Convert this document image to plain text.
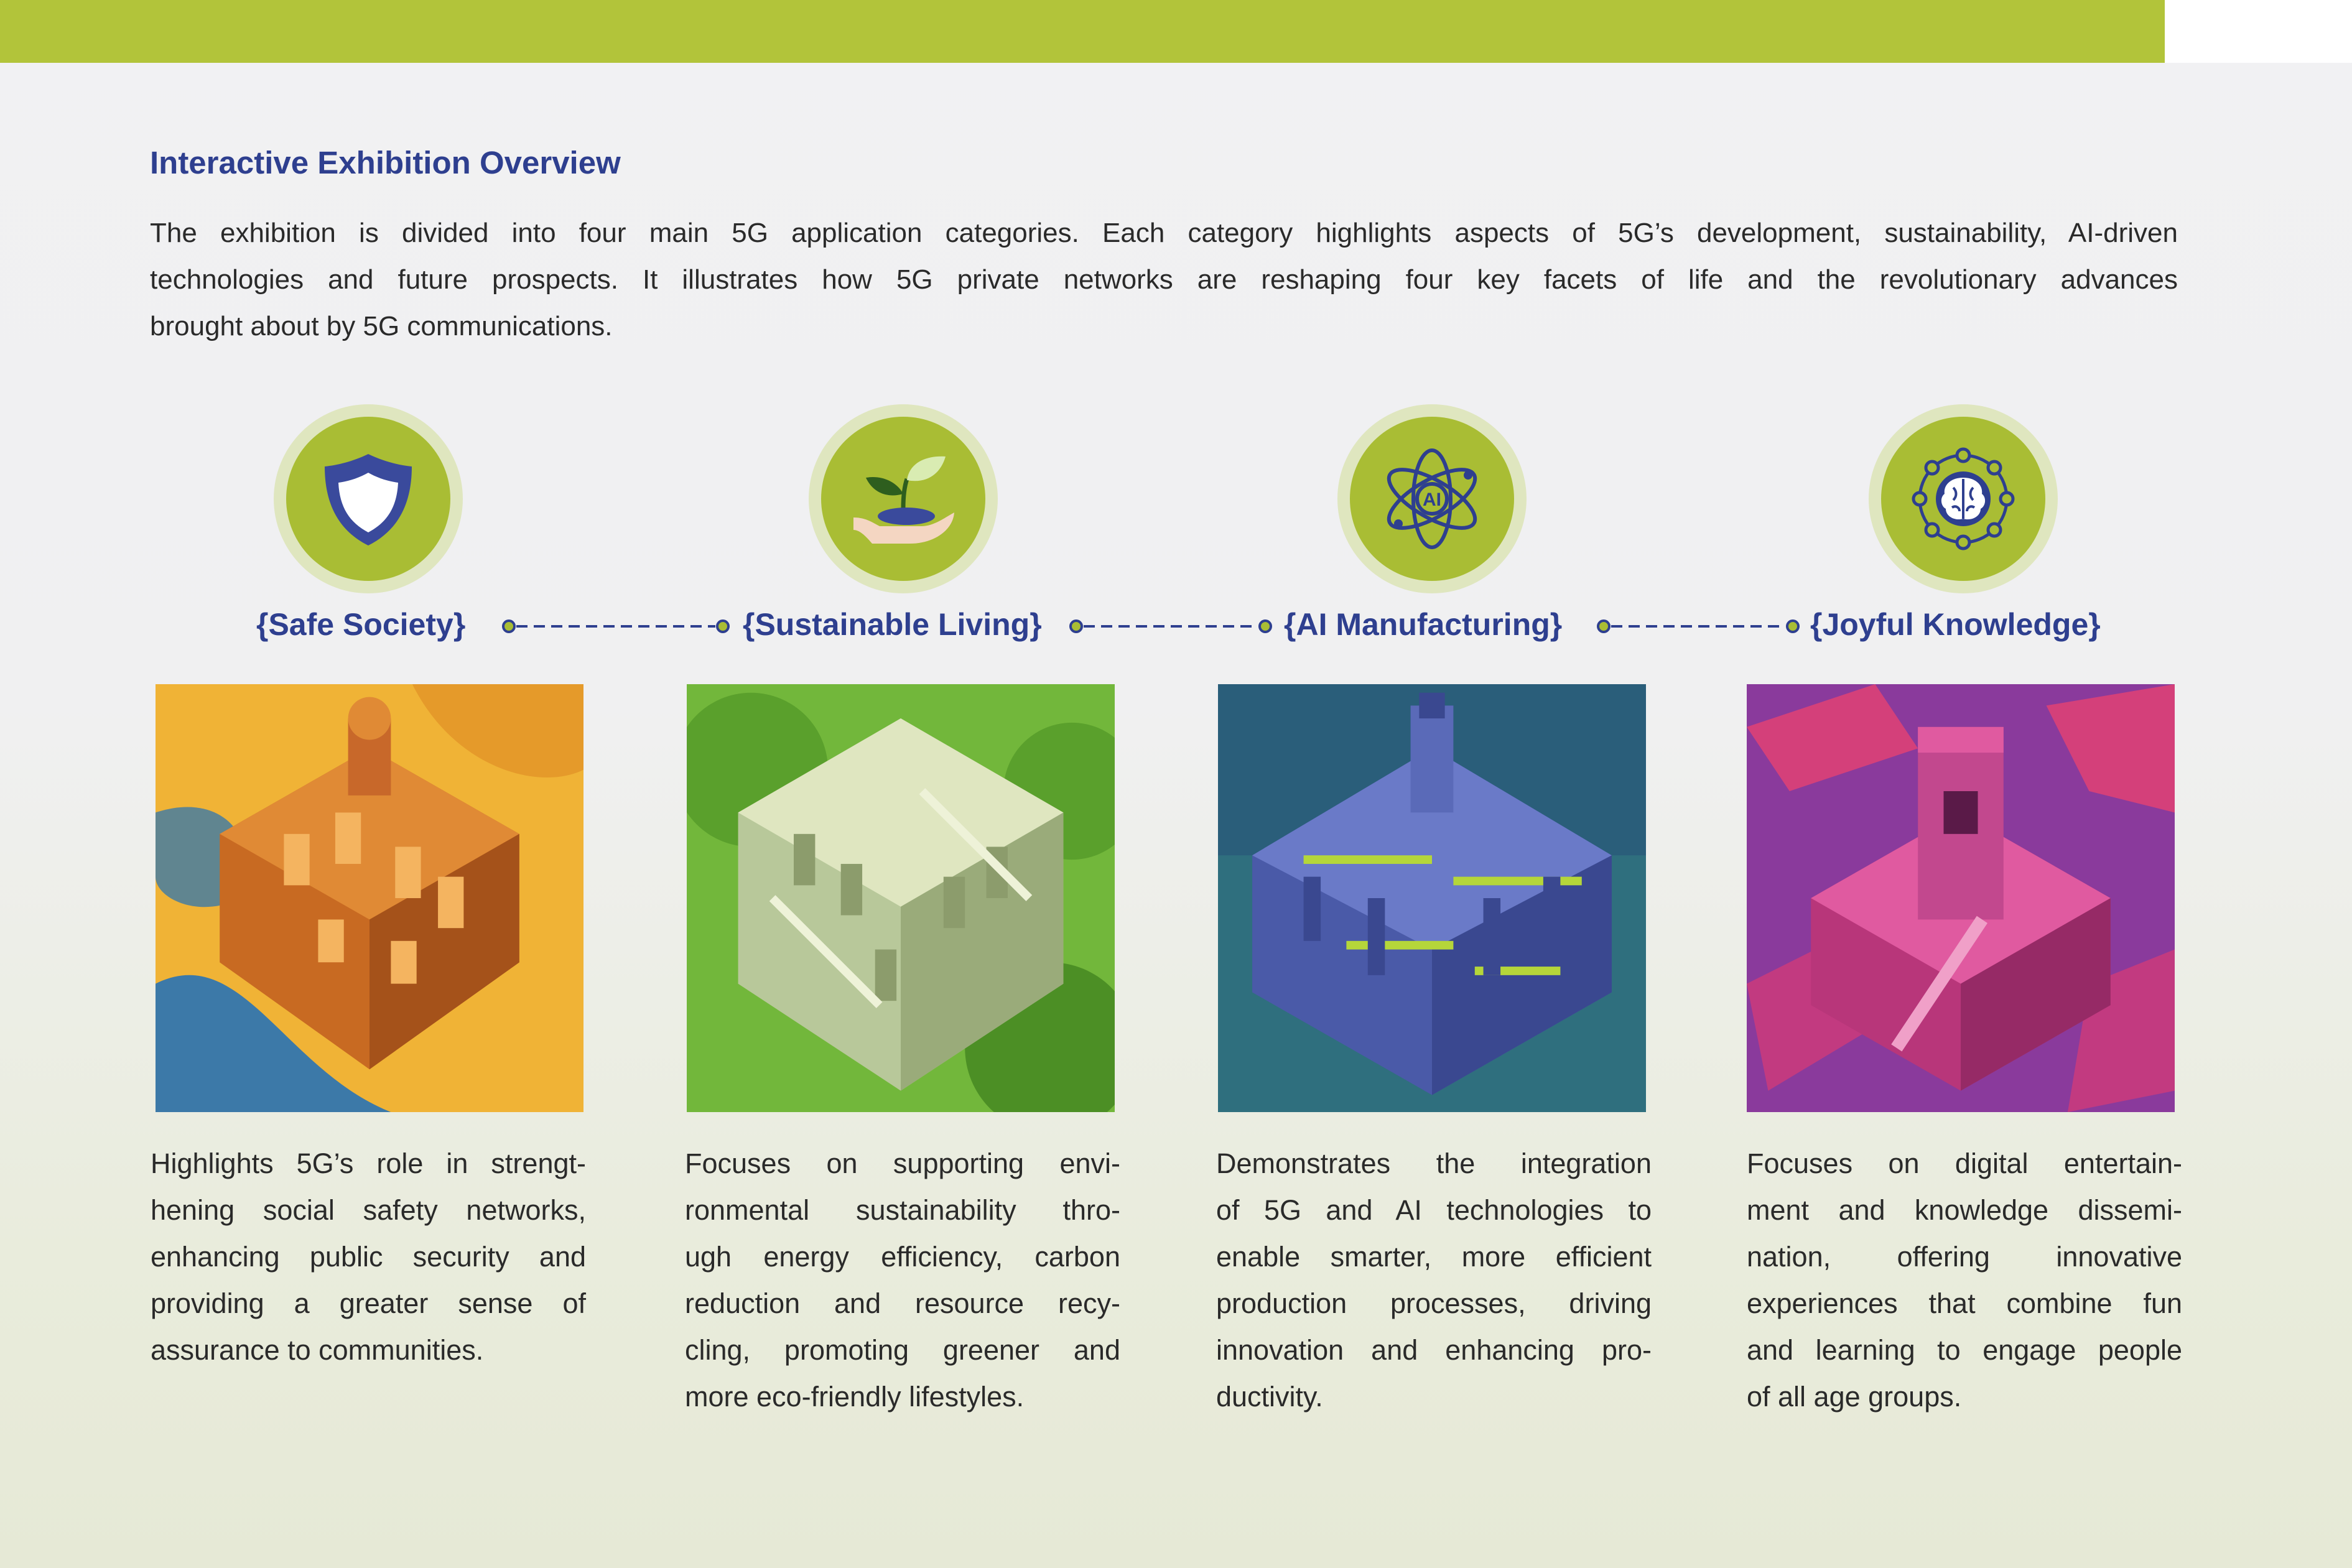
Interactive Exhibition Overview
The exhibition is divided into four main 5G application categories. Each category highlights aspects of 5G’s development, sustainability, AI-driven
technologies and future prospects. It illustrates how 5G private networks are reshaping four key facets of life and the revolutionary advances
brought about by 5G communications.
AI
{Safe Society}	{Sustainable Living}	{AI Manufacturing}	{Joyful Knowledge}
Highlights 5G’s role in strengt-
hening social safety networks,
enhancing public security and
providing a greater sense of
assurance to communities.
Focuses on supporting envi-
ronmental sustainability thro-
ugh energy efficiency, carbon
reduction and resource recy-
cling, promoting greener and
more eco-friendly lifestyles.
Demonstrates the integration
of 5G and AI technologies to
enable smarter, more efficient
production processes, driving
innovation and enhancing pro-
ductivity.
Focuses on digital entertain-
ment and knowledge dissemi-
nation, offering innovative
experiences that combine fun
and learning to engage people
of all age groups.
